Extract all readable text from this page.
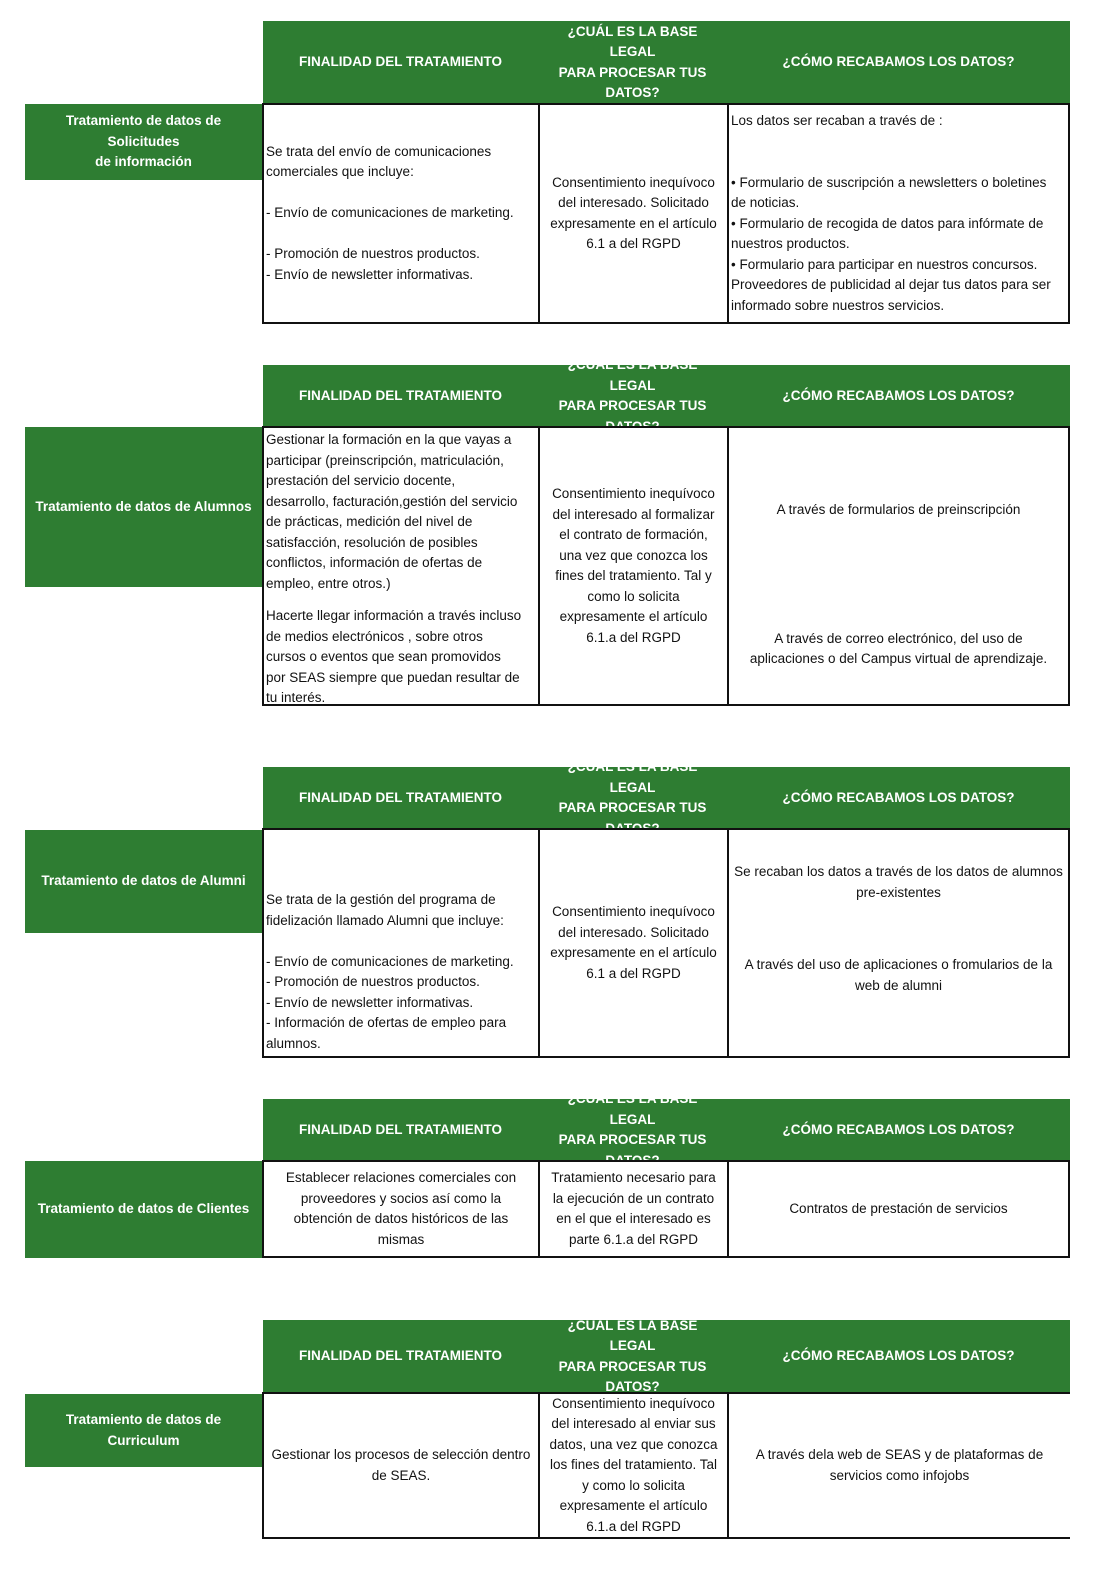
FINALIDAD DEL TRATAMIENTO
¿CUÁL ES LA BASE LEGAL
PARA PROCESAR TUS
DATOS?
¿CÓMO RECABAMOS LOS DATOS?
Tratamiento de datos de Solicitudes
de información
Se trata del envío de comunicaciones
comerciales que incluye:

- Envío de comunicaciones de marketing.

- Promoción de nuestros productos.
- Envío de newsletter informativas.
Consentimiento inequívoco
del interesado. Solicitado
expresamente en el artículo
6.1 a del RGPD
Los datos ser recaban a través de :

• Formulario de suscripción a newsletters o boletines
de noticias.
• Formulario de recogida de datos para infórmate de
nuestros productos.
• Formulario para participar en nuestros concursos.
Proveedores de publicidad al dejar tus datos para ser
informado sobre nuestros servicios.
FINALIDAD DEL TRATAMIENTO
¿CUÁL ES LA BASE LEGAL
PARA PROCESAR TUS
DATOS?
¿CÓMO RECABAMOS LOS DATOS?
Tratamiento de datos de Alumnos
Gestionar la formación en la que vayas a
participar (preinscripción, matriculación,
prestación del servicio docente,
desarrollo, facturación,gestión del servicio
de prácticas, medición del nivel de
satisfacción, resolución de posibles
conflictos, información de ofertas de
empleo, entre otros.)
Hacerte llegar información a través incluso
de medios electrónicos , sobre otros
cursos o eventos que sean promovidos
por SEAS siempre que puedan resultar de
tu interés.
Consentimiento inequívoco
del interesado al formalizar
el contrato de formación,
una vez que conozca los
fines del tratamiento. Tal y
como lo solicita
expresamente el artículo
6.1.a del RGPD
A través de formularios de preinscripción
A través de correo electrónico, del uso de
aplicaciones o del Campus virtual de aprendizaje.
FINALIDAD DEL TRATAMIENTO
¿CUÁL ES LA BASE LEGAL
PARA PROCESAR TUS
DATOS?
¿CÓMO RECABAMOS LOS DATOS?
Tratamiento de datos de Alumni
Se trata de la gestión del programa de
fidelización llamado Alumni que incluye:

- Envío de comunicaciones de marketing.
- Promoción de nuestros productos.
- Envío de newsletter informativas.
- Información de ofertas de empleo para
alumnos.
Consentimiento inequívoco
del interesado. Solicitado
expresamente en el artículo
6.1 a del RGPD
Se recaban los datos a través de los datos de alumnos
pre-existentes
A través del uso de aplicaciones o fromularios de la
web de alumni
FINALIDAD DEL TRATAMIENTO
¿CUÁL ES LA BASE LEGAL
PARA PROCESAR TUS
DATOS?
¿CÓMO RECABAMOS LOS DATOS?
Tratamiento de datos de Clientes
Establecer relaciones comerciales con
proveedores y socios así como la
obtención de datos históricos de las
mismas
Tratamiento necesario para
la ejecución de un contrato
en el que el interesado es
parte 6.1.a del RGPD
Contratos de prestación de servicios
FINALIDAD DEL TRATAMIENTO
¿CUÁL ES LA BASE LEGAL
PARA PROCESAR TUS
DATOS?
¿CÓMO RECABAMOS LOS DATOS?
Tratamiento de datos de Curriculum
Gestionar los procesos de selección dentro
de SEAS.
Consentimiento inequívoco
del interesado al enviar sus
datos, una vez que conozca
los fines del tratamiento. Tal
y como lo solicita
expresamente el artículo
6.1.a del RGPD
A través dela web de SEAS y de plataformas de
servicios como infojobs
